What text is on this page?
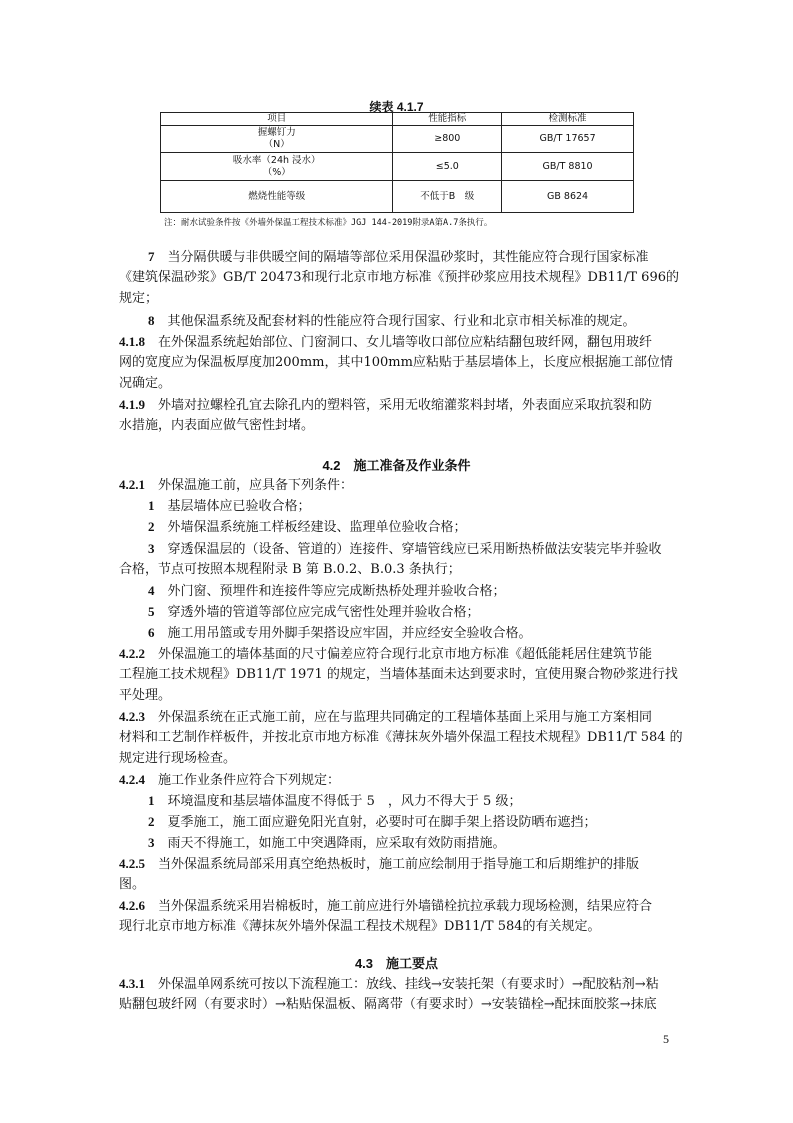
续表 4.1.7
项目	性能指标	检测标准

握螺钉力
（N）	≥800	GB/T 17657

吸水率（24h 浸水）
（%）	≤5.0	GB/T 8810
燃烧性能等级	不低于B　级	GB 8624
注：耐水试验条件按《外墙外保温工程技术标准》JGJ 144-2019附录A第A.7条执行。
7　 当分隔供暖与非供暖空间的隔墙等部位采用保温砂浆时，其性能应符合现行国家标准
《建筑保温砂浆》GB/T 20473和现行北京市地方标准《预拌砂浆应用技术规程》DB11/T 696的
规定；
8　 其他保温系统及配套材料的性能应符合现行国家、行业和北京市相关标准的规定。
4.1.8　 在外保温系统起始部位、门窗洞口、女儿墙等收口部位应粘结翻包玻纤网，翻包用玻纤
网的宽度应为保温板厚度加200mm，其中100mm应粘贴于基层墙体上，长度应根据施工部位情
况确定。
4.1.9　 外墙对拉螺栓孔宜去除孔内的塑料管，采用无收缩灌浆料封堵，外表面应采取抗裂和防
水措施，内表面应做气密性封堵。
4.2　施工准备及作业条件
4.2.1　 外保温施工前，应具备下列条件：
1　 基层墙体应已验收合格；
2　 外墙保温系统施工样板经建设、监理单位验收合格；
3　 穿透保温层的（设备、管道的）连接件、穿墙管线应已采用断热桥做法安装完毕并验收
合格，节点可按照本规程附录 B 第 B.0.2、B.0.3 条执行；
4　 外门窗、预埋件和连接件等应完成断热桥处理并验收合格；
5　 穿透外墙的管道等部位应完成气密性处理并验收合格；
6　 施工用吊篮或专用外脚手架搭设应牢固，并应经安全验收合格。
4.2.2　 外保温施工的墙体基面的尺寸偏差应符合现行北京市地方标准《超低能耗居住建筑节能
工程施工技术规程》DB11/T 1971 的规定，当墙体基面未达到要求时，宜使用聚合物砂浆进行找
平处理。
4.2.3　 外保温系统在正式施工前，应在与监理共同确定的工程墙体基面上采用与施工方案相同
材料和工艺制作样板件，并按北京市地方标准《薄抹灰外墙外保温工程技术规程》DB11/T 584 的
规定进行现场检查。
4.2.4　 施工作业条件应符合下列规定：
1　 环境温度和基层墙体温度不得低于 5　，风力不得大于 5 级；
2　 夏季施工，施工面应避免阳光直射，必要时可在脚手架上搭设防晒布遮挡；
3　 雨天不得施工，如施工中突遇降雨，应采取有效防雨措施。
4.2.5　 当外保温系统局部采用真空绝热板时，施工前应绘制用于指导施工和后期维护的排版
图。
4.2.6　 当外保温系统采用岩棉板时，施工前应进行外墙锚栓抗拉承载力现场检测，结果应符合
现行北京市地方标准《薄抹灰外墙外保温工程技术规程》DB11/T 584的有关规定。
4.3　施工要点
4.3.1　 外保温单网系统可按以下流程施工：放线、挂线→安装托架（有要求时）→配胶粘剂→粘
贴翻包玻纤网（有要求时）→粘贴保温板、隔离带（有要求时）→安装锚栓→配抹面胶浆→抹底
5
